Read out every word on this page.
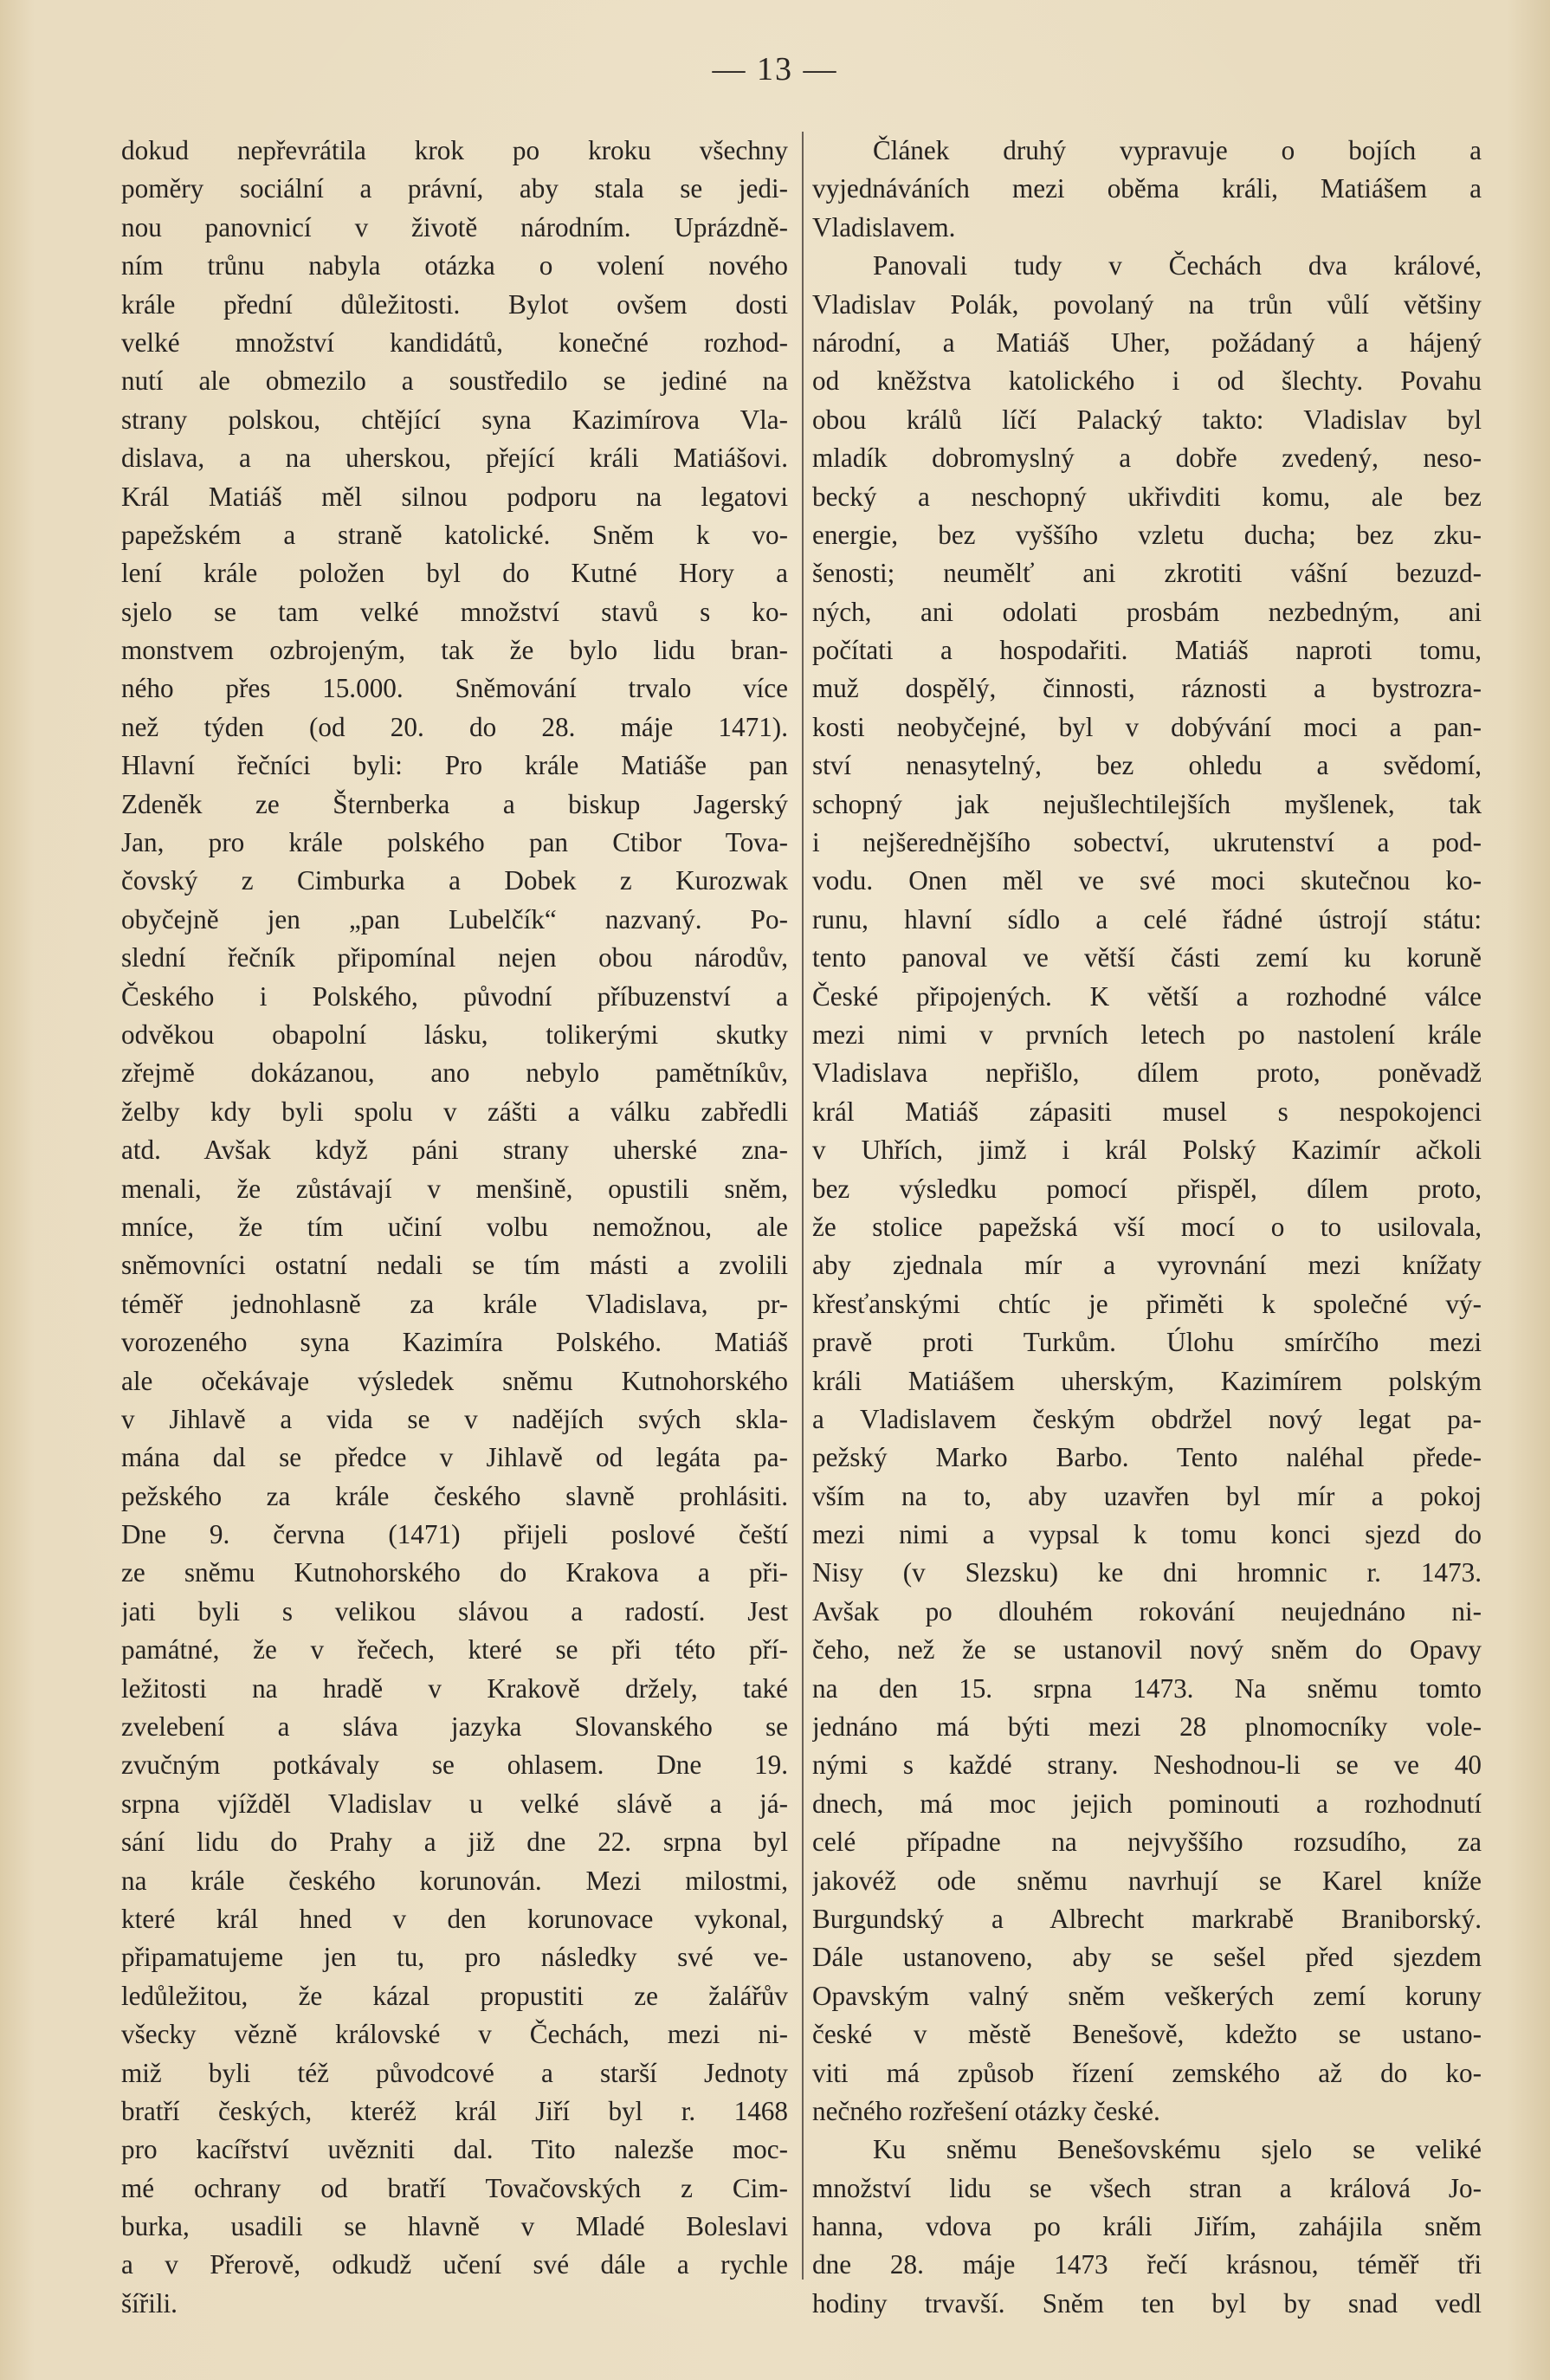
— 13 —
dokud nepřevrátila krok po kroku všechny
poměry sociální a právní, aby stala se jedi-
nou panovnicí v životě národním. Uprázdně-
ním trůnu nabyla otázka o volení nového
krále přední důležitosti. Bylot ovšem dosti
velké množství kandidátů, konečné rozhod-
nutí ale obmezilo a soustředilo se jediné na
strany polskou, chtějící syna Kazimírova Vla-
dislava, a na uherskou, přející králi Matiášovi.
Král Matiáš měl silnou podporu na legatovi
papežském a straně katolické. Sněm k vo-
lení krále položen byl do Kutné Hory a
sjelo se tam velké množství stavů s ko-
monstvem ozbrojeným, tak že bylo lidu bran-
ného přes 15.000. Sněmování trvalo více
než týden (od 20. do 28. máje 1471).
Hlavní řečníci byli: Pro krále Matiáše pan
Zdeněk ze Šternberka a biskup Jagerský
Jan, pro krále polského pan Ctibor Tova-
čovský z Cimburka a Dobek z Kurozwak
obyčejně jen „pan Lubelčík“ nazvaný. Po-
slední řečník připomínal nejen obou národův,
Českého i Polského, původní příbuzenství a
odvěkou obapolní lásku, tolikerými skutky
zřejmě dokázanou, ano nebylo pamětníkův,
želby kdy byli spolu v zášti a válku zabředli
atd. Avšak když páni strany uherské zna-
menali, že zůstávají v menšině, opustili sněm,
mníce, že tím učiní volbu nemožnou, ale
sněmovníci ostatní nedali se tím másti a zvolili
téměř jednohlasně za krále Vladislava, pr-
vorozeného syna Kazimíra Polského. Matiáš
ale očekávaje výsledek sněmu Kutnohorského
v Jihlavě a vida se v nadějích svých skla-
mána dal se předce v Jihlavě od legáta pa-
pežského za krále českého slavně prohlásiti.
Dne 9. června (1471) přijeli poslové čeští
ze sněmu Kutnohorského do Krakova a při-
jati byli s velikou slávou a radostí. Jest
památné, že v řečech, které se při této pří-
ležitosti na hradě v Krakově držely, také
zvelebení a sláva jazyka Slovanského se
zvučným potkávaly se ohlasem. Dne 19.
srpna vjížděl Vladislav u velké slávě a já-
sání lidu do Prahy a již dne 22. srpna byl
na krále českého korunován. Mezi milostmi,
které král hned v den korunovace vykonal,
připamatujeme jen tu, pro následky své ve-
ledůležitou, že kázal propustiti ze žalářův
všecky vězně královské v Čechách, mezi ni-
miž byli též původcové a starší Jednoty
bratří českých, kteréž král Jiří byl r. 1468
pro kacířství uvězniti dal. Tito nalezše moc-
mé ochrany od bratří Tovačovských z Cim-
burka, usadili se hlavně v Mladé Boleslavi
a v Přerově, odkudž učení své dále a rychle
šířili.
Článek druhý vypravuje o bojích a
vyjednáváních mezi oběma králi, Matiášem a
Vladislavem.
Panovali tudy v Čechách dva králové,
Vladislav Polák, povolaný na trůn vůlí většiny
národní, a Matiáš Uher, požádaný a hájený
od kněžstva katolického i od šlechty. Povahu
obou králů líčí Palacký takto: Vladislav byl
mladík dobromyslný a dobře zvedený, neso-
becký a neschopný ukřivditi komu, ale bez
energie, bez vyššího vzletu ducha; bez zku-
šenosti; neumělť ani zkrotiti vášní bezuzd-
ných, ani odolati prosbám nezbedným, ani
počítati a hospodařiti. Matiáš naproti tomu,
muž dospělý, činnosti, ráznosti a bystrozra-
kosti neobyčejné, byl v dobývání moci a pan-
ství nenasytelný, bez ohledu a svědomí,
schopný jak nejušlechtilejších myšlenek, tak
i nejšerednějšího sobectví, ukrutenství a pod-
vodu. Onen měl ve své moci skutečnou ko-
runu, hlavní sídlo a celé řádné ústrojí státu:
tento panoval ve větší části zemí ku koruně
České připojených. K větší a rozhodné válce
mezi nimi v prvních letech po nastolení krále
Vladislava nepřišlo, dílem proto, poněvadž
král Matiáš zápasiti musel s nespokojenci
v Uhřích, jimž i král Polský Kazimír ačkoli
bez výsledku pomocí přispěl, dílem proto,
že stolice papežská vší mocí o to usilovala,
aby zjednala mír a vyrovnání mezi knížaty
křesťanskými chtíc je přiměti k společné vý-
pravě proti Turkům. Úlohu smírčího mezi
králi Matiášem uherským, Kazimírem polským
a Vladislavem českým obdržel nový legat pa-
pežský Marko Barbo. Tento naléhal přede-
vším na to, aby uzavřen byl mír a pokoj
mezi nimi a vypsal k tomu konci sjezd do
Nisy (v Slezsku) ke dni hromnic r. 1473.
Avšak po dlouhém rokování neujednáno ni-
čeho, než že se ustanovil nový sněm do Opavy
na den 15. srpna 1473. Na sněmu tomto
jednáno má býti mezi 28 plnomocníky vole-
nými s každé strany. Neshodnou-li se ve 40
dnech, má moc jejich pominouti a rozhodnutí
celé případne na nejvyššího rozsudího, za
jakovéž ode sněmu navrhují se Karel kníže
Burgundský a Albrecht markrabě Braniborský.
Dále ustanoveno, aby se sešel před sjezdem
Opavským valný sněm veškerých zemí koruny
české v městě Benešově, kdežto se ustano-
viti má způsob řízení zemského až do ko-
nečného rozřešení otázky české.
Ku sněmu Benešovskému sjelo se veliké
množství lidu se všech stran a králová Jo-
hanna, vdova po králi Jiřím, zahájila sněm
dne 28. máje 1473 řečí krásnou, téměř tři
hodiny trvavší. Sněm ten byl by snad vedl
